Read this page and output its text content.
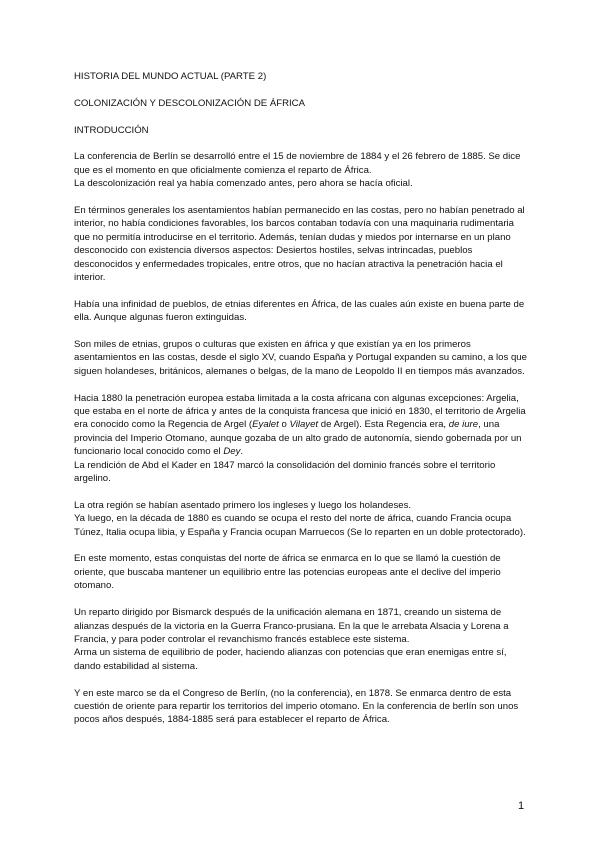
HISTORIA DEL MUNDO ACTUAL (PARTE 2)

COLONIZACIÓN Y DESCOLONIZACIÓN DE ÁFRICA

INTRODUCCIÓN

La conferencia de Berlín se desarrolló entre el 15 de noviembre de 1884 y el 26 febrero de 1885. Se dice que es el momento en que oficialmente comienza el reparto de África.
La descolonización real ya había comenzado antes, pero ahora se hacía oficial.

En términos generales los asentamientos habían permanecido en las costas, pero no habían penetrado al interior, no había condiciones favorables, los barcos contaban todavía con una maquinaria rudimentaria que no permitía introducirse en el territorio. Además, tenían dudas y miedos por internarse en un plano desconocido con existencia diversos aspectos: Desiertos hostiles, selvas intrincadas, pueblos desconocidos y enfermedades tropicales, entre otros, que no hacían atractiva la penetración hacia el interior.

Había una infinidad de pueblos, de etnias diferentes en África, de las cuales aún existe en buena parte de ella. Aunque algunas fueron extinguidas.

Son miles de etnias, grupos o culturas que existen en áfrica y que existían ya en los primeros asentamientos en las costas, desde el siglo XV, cuando España y Portugal expanden su camino, a los que siguen holandeses, británicos, alemanes o belgas, de la mano de Leopoldo II en tiempos más avanzados.

Hacia 1880 la penetración europea estaba limitada a la costa africana con algunas excepciones: Argelia, que estaba en el norte de áfrica y antes de la conquista francesa que inició en 1830, el territorio de Argelia era conocido como la Regencia de Argel (Eyalet o Vilayet de Argel). Esta Regencia era, de iure, una provincia del Imperio Otomano, aunque gozaba de un alto grado de autonomía, siendo gobernada por un funcionario local conocido como el Dey.
La rendición de Abd el Kader en 1847 marcó la consolidación del dominio francés sobre el territorio argelino.

La otra región se habían asentado primero los ingleses y luego los holandeses.
Ya luego, en la década de 1880 es cuando se ocupa el resto del norte de áfrica, cuando Francia ocupa Túnez, Italia ocupa libia, y España y Francia ocupan Marruecos (Se lo reparten en un doble protectorado).

En este momento, estas conquistas del norte de áfrica se enmarca en lo que se llamó la cuestión de oriente, que buscaba mantener un equilibrio entre las potencias europeas ante el declive del imperio otomano.

Un reparto dirigido por Bismarck después de la unificación alemana en 1871, creando un sistema de alianzas después de la victoria en la Guerra Franco-prusiana. En la que le arrebata Alsacia y Lorena a Francia, y para poder controlar el revanchismo francés establece este sistema.
Arma un sistema de equilibrio de poder, haciendo alianzas con potencias que eran enemigas entre sí, dando estabilidad al sistema.

Y en este marco se da el Congreso de Berlín, (no la conferencia), en 1878. Se enmarca dentro de esta cuestión de oriente para repartir los territorios del imperio otomano. En la conferencia de berlín son unos pocos años después, 1884-1885 será para establecer el reparto de África.

1
